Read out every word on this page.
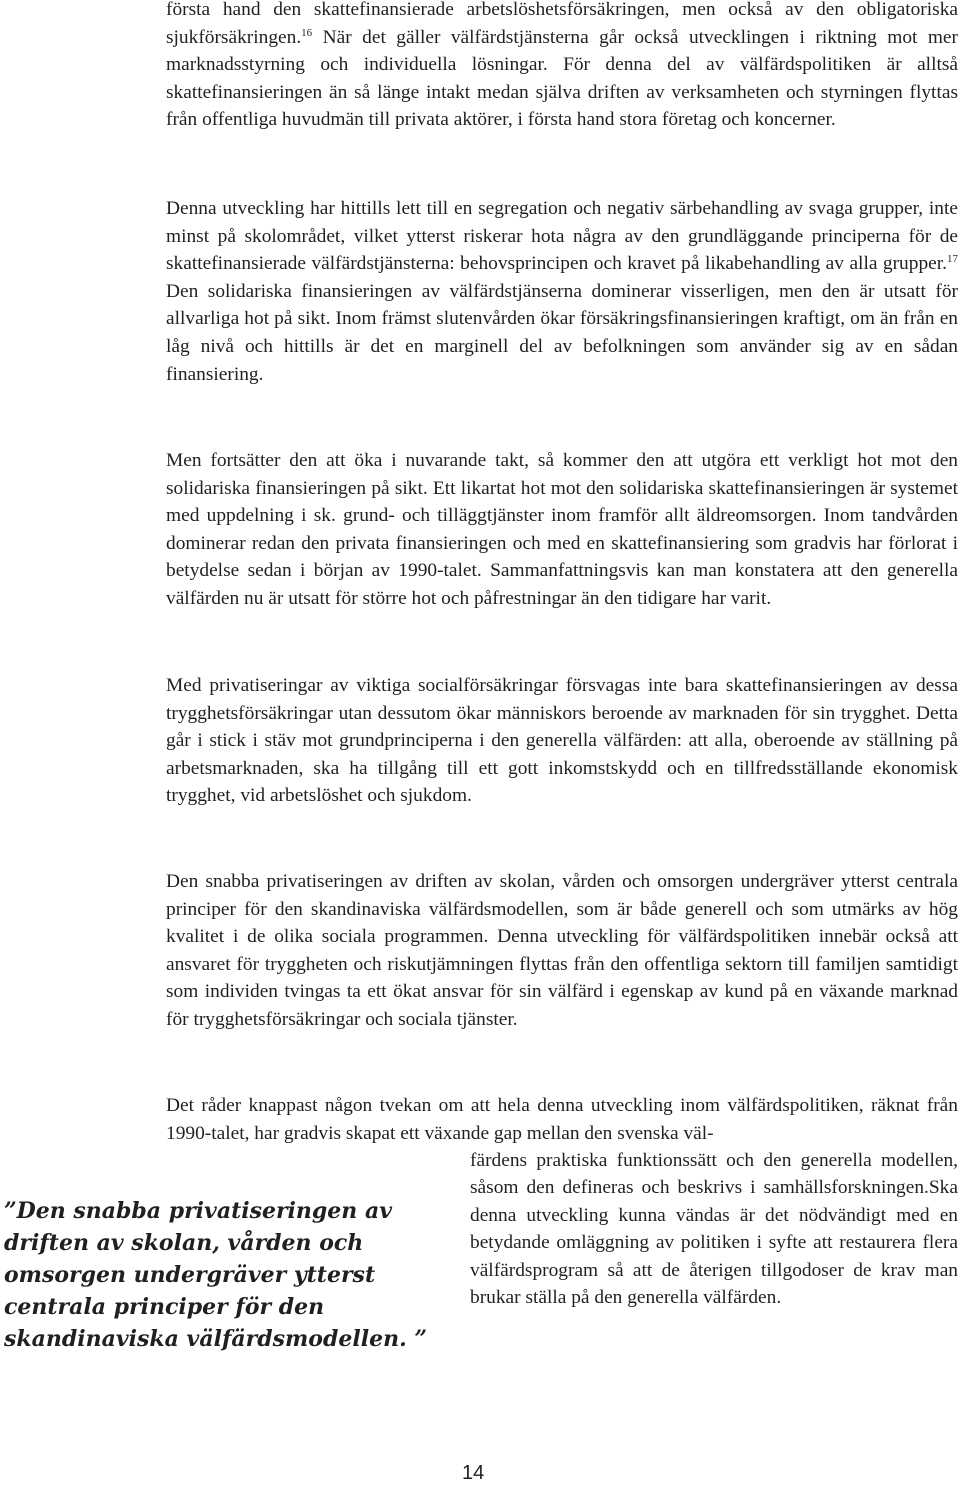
första hand den skattefinansierade arbetslöshetsförsäkringen, men också av den obligatoriska sjukförsäkringen.$^{16}$ När det gäller välfärdstjänsterna går också utvecklingen i riktning mot mer marknadsstyrning och individuella lösningar. För denna del av välfärdspolitiken är alltså skattefinansieringen än så länge intakt medan själva driften av verksamheten och styrningen flyttas från offentliga huvudmän till privata aktörer, i första hand stora företag och koncerner.

Denna utveckling har hittills lett till en segregation och negativ särbehandling av svaga grupper, inte minst på skolområdet, vilket ytterst riskerar hota några av den grundläggande principerna för de skattefinansierade välfärdstjänsterna: behovsprincipen och kravet på likabehandling av alla grupper.$^{17}$ Den solidariska finansieringen av välfärdstjänserna dominerar visserligen, men den är utsatt för allvarliga hot på sikt. Inom främst slutenvården ökar försäkringsfinansieringen kraftigt, om än från en låg nivå och hittills är det en marginell del av befolkningen som använder sig av en sådan finansiering.

Men fortsätter den att öka i nuvarande takt, så kommer den att utgöra ett verkligt hot mot den solidariska finansieringen på sikt. Ett likartat hot mot den solidariska skattefinansieringen är systemet med uppdelning i sk. grund- och tilläggtjänster inom framför allt äldreomsorgen. Inom tandvården dominerar redan den privata finansieringen och med en skattefinansiering som gradvis har förlorat i betydelse sedan i början av 1990-talet. Sammanfattningsvis kan man konstatera att den generella välfärden nu är utsatt för större hot och påfrestningar än den tidigare har varit.

Med privatiseringar av viktiga socialförsäkringar försvagas inte bara skattefinansieringen av dessa trygghetsförsäkringar utan dessutom ökar människors beroende av marknaden för sin trygghet. Detta går i stick i stäv mot grundprinciperna i den generella välfärden: att alla, oberoende av ställning på arbetsmarknaden, ska ha tillgång till ett gott inkomstskydd och en tillfredsställande ekonomisk trygghet, vid arbetslöshet och sjukdom.

Den snabba privatiseringen av driften av skolan, vården och omsorgen undergräver ytterst centrala principer för den skandinaviska välfärdsmodellen, som är både generell och som utmärks av hög kvalitet i de olika sociala programmen. Denna utveckling för välfärdspolitiken innebär också att ansvaret för tryggheten och riskutjämningen flyttas från den offentliga sektorn till familjen samtidigt som individen tvingas ta ett ökat ansvar för sin välfärd i egenskap av kund på en växande marknad för trygghetsförsäkringar och sociala tjänster.

Det råder knappast någon tvekan om att hela denna utveckling inom välfärdspolitiken, räknat från 1990-talet, har gradvis skapat ett växande gap mellan den svenska väl-

färdens praktiska funktionssätt och den generella modellen, såsom den defineras och beskrivs i samhällsforskningen.Ska denna utveckling kunna vändas är det nödvändigt med en betydande omläggning av politiken i syfte att restaurera flera välfärdsprogram så att de återigen tillgodoser de krav man brukar ställa på den generella välfärden.

”Den snabba privatiseringen av driften av skolan, vården och omsorgen undergräver ytterst centrala principer för den skandinaviska välfärdsmodellen. ”

14
